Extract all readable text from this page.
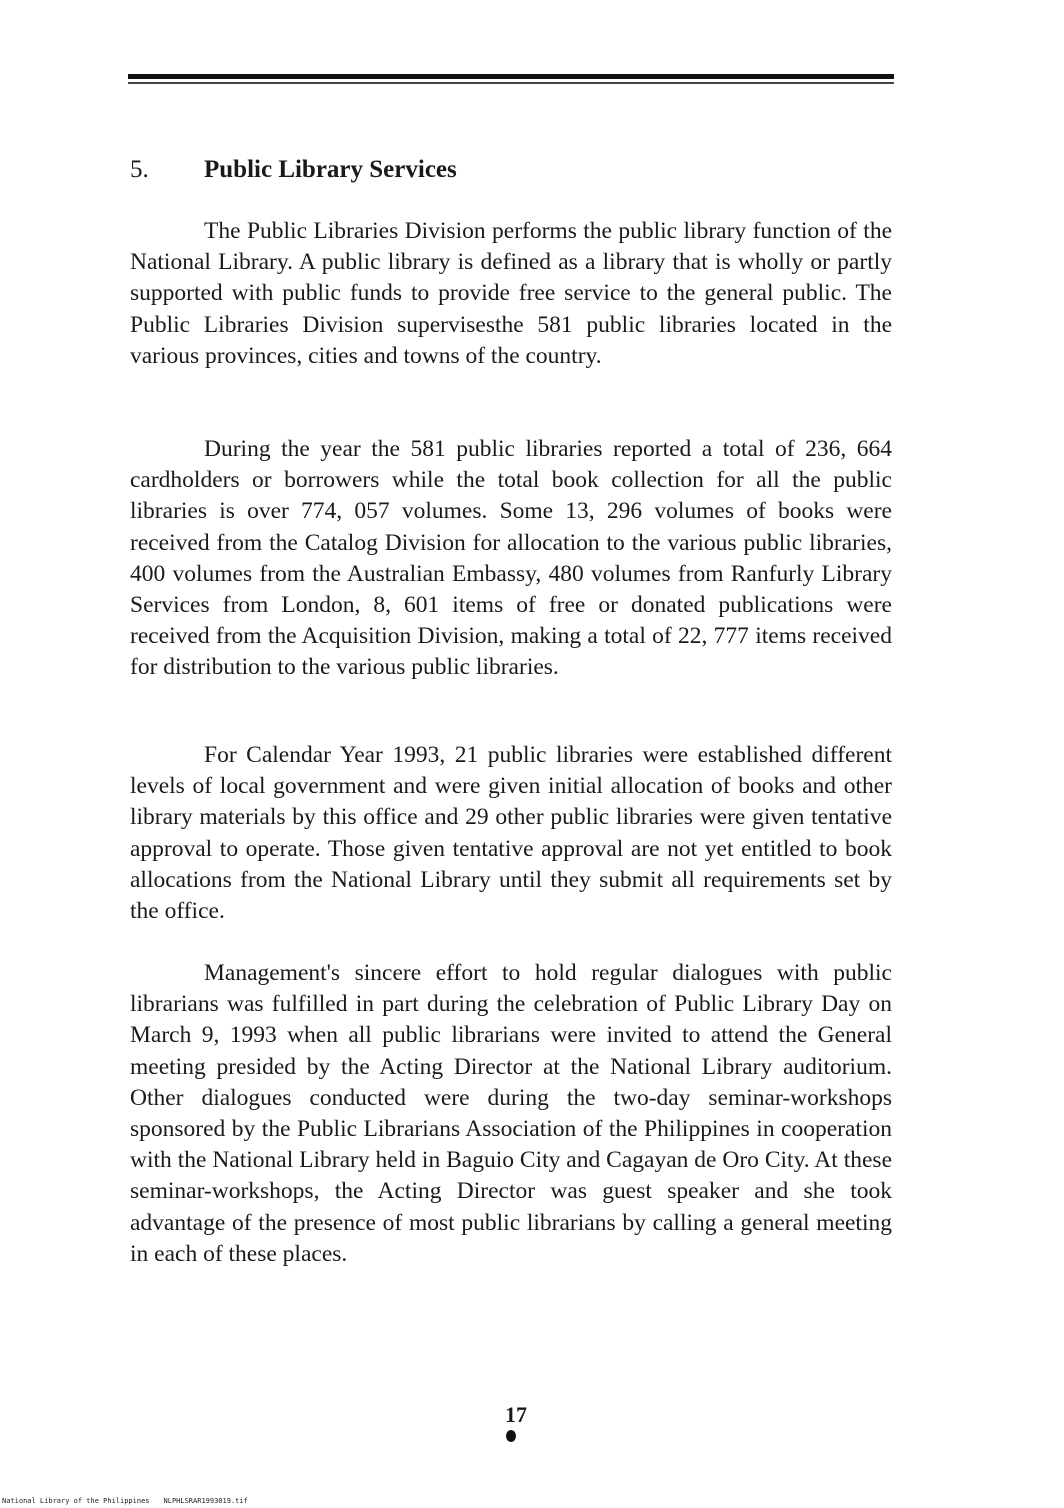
5. Public Library Services

The Public Libraries Division performs the public library function of the National Library. A public library is defined as a library that is wholly or partly supported with public funds to provide free service to the general public. The Public Libraries Division supervisesthe 581 public libraries located in the various provinces, cities and towns of the country.

During the year the 581 public libraries reported a total of 236, 664 cardholders or borrowers while the total book collection for all the public libraries is over 774, 057 volumes. Some 13, 296 volumes of books were received from the Catalog Division for allocation to the various public libraries, 400 volumes from the Australian Embassy, 480 volumes from Ranfurly Library Services from London, 8, 601 items of free or donated publications were received from the Acquisition Division, making a total of 22, 777 items received for distribution to the various public libraries.

For Calendar Year 1993, 21 public libraries were established different levels of local government and were given initial allocation of books and other library materials by this office and 29 other public libraries were given tentative approval to operate. Those given tentative approval are not yet entitled to book allocations from the National Library until they submit all requirements set by the office.

Management's sincere effort to hold regular dialogues with public librarians was fulfilled in part during the celebration of Public Library Day on March 9, 1993 when all public librarians were invited to attend the General meeting presided by the Acting Director at the National Library auditorium. Other dialogues conducted were during the two-day seminar-workshops sponsored by the Public Librarians Association of the Philippines in cooperation with the National Library held in Baguio City and Cagayan de Oro City. At these seminar-workshops, the Acting Director was guest speaker and she took advantage of the presence of most public librarians by calling a general meeting in each of these places.

17
National Library of the Philippines NLPHLSRAR1993019.tif
